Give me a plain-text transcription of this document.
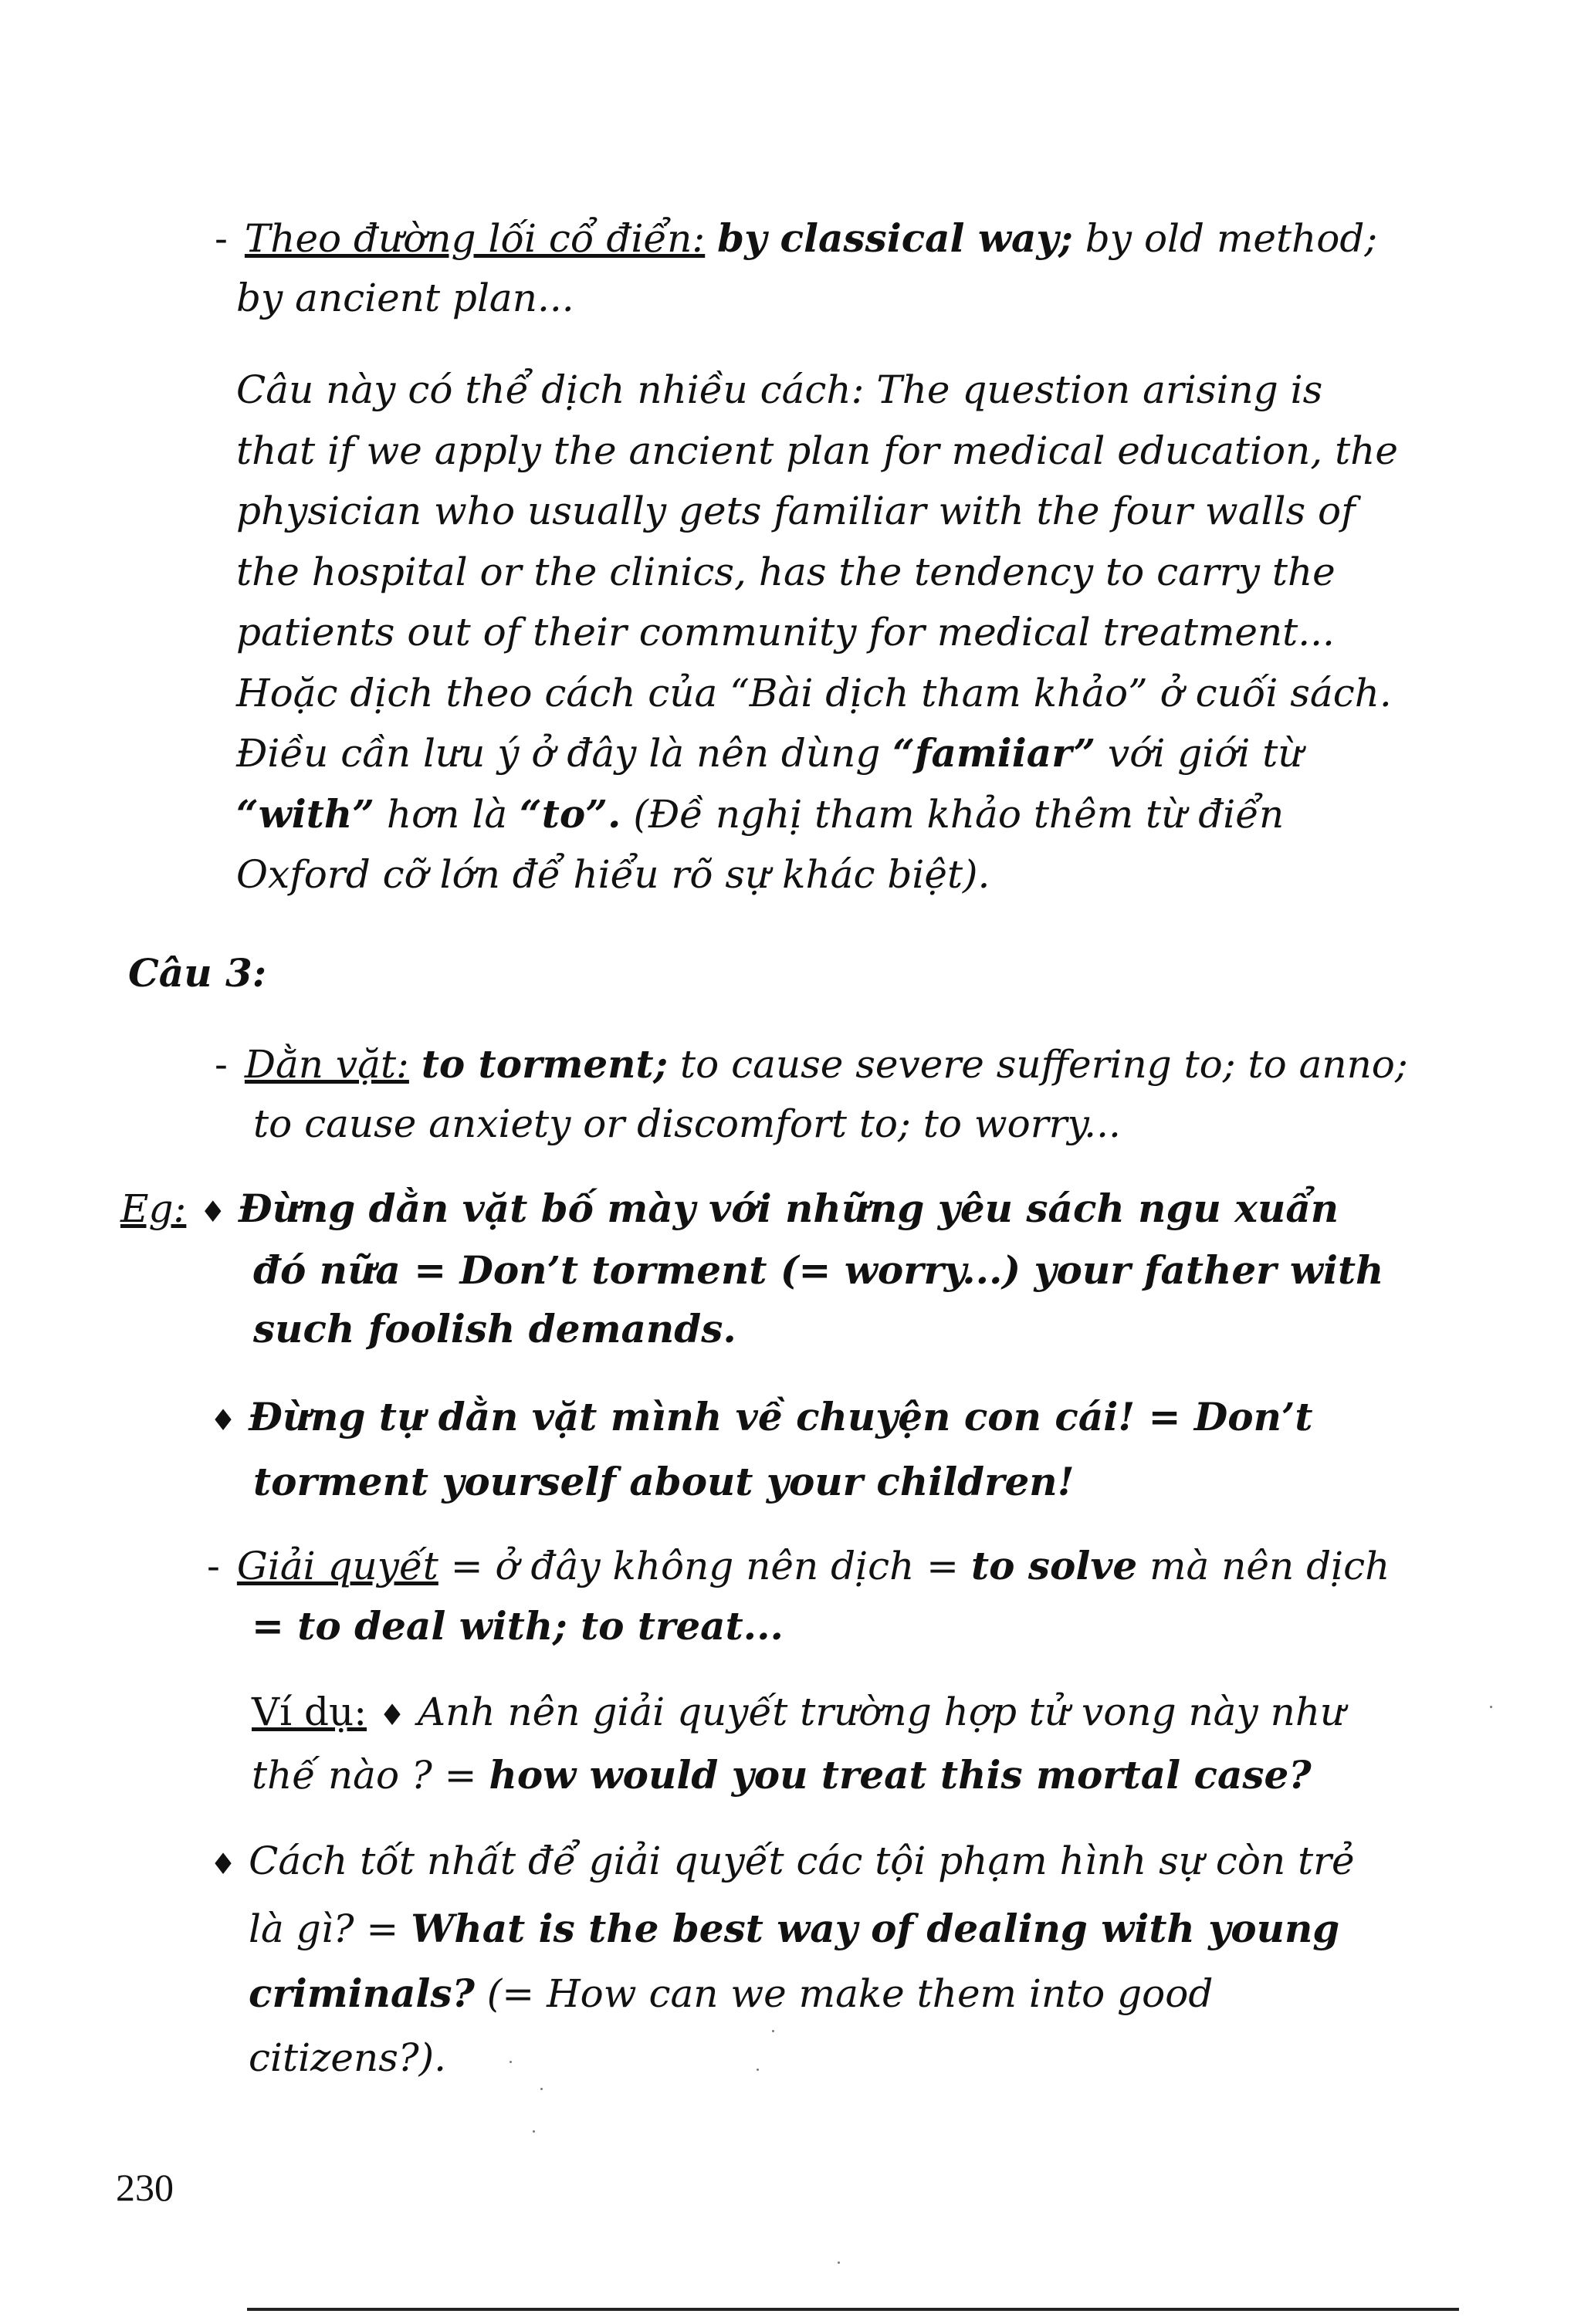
- Theo đường lối cổ điển: by classical way; by old method;
by ancient plan...
Câu này có thể dịch nhiều cách: The question arising is
that if we apply the ancient plan for medical education, the
physician who usually gets familiar with the four walls of
the hospital or the clinics, has the tendency to carry the
patients out of their community for medical treatment...
Hoặc dịch theo cách của “Bài dịch tham khảo” ở cuối sách.
Điều cần lưu ý ở đây là nên dùng “famiiar” với giới từ
“with” hơn là “to”. (Đề nghị tham khảo thêm từ điển
Oxford cỡ lớn để hiểu rõ sự khác biệt).
Câu 3:
- Dằn vặt: to torment; to cause severe suffering to; to anno;
to cause anxiety or discomfort to; to worry...
Eg: ♦ Đừng dằn vặt bố mày với những yêu sách ngu xuẩn
đó nữa = Don’t torment (= worry...) your father with
such foolish demands.
♦ Đừng tự dằn vặt mình về chuyện con cái! = Don’t
torment yourself about your children!
- Giải quyết = ở đây không nên dịch = to solve mà nên dịch
= to deal with; to treat...
Ví dụ: ♦ Anh nên giải quyết trường hợp tử vong này như
thế nào ? = how would you treat this mortal case?
♦ Cách tốt nhất để giải quyết các tội phạm hình sự còn trẻ
là gì? = What is the best way of dealing with young
criminals? (= How can we make them into good
citizens?).
230
